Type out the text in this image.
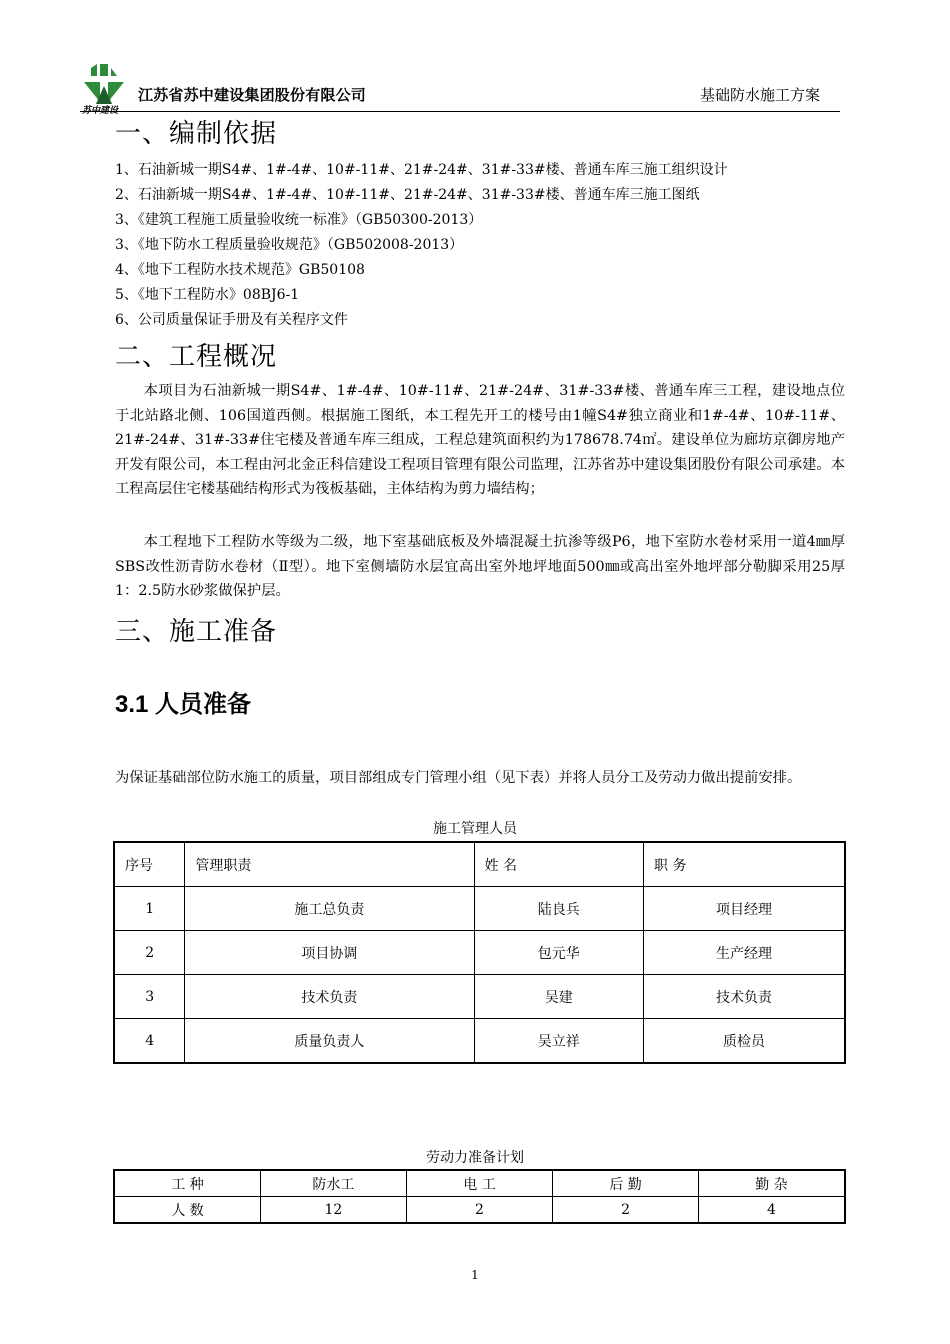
苏中建设
江苏省苏中建设集团股份有限公司	基础防水施工方案
一、编制依据
1、石油新城一期S4#、1#-4#、10#-11#、21#-24#、31#-33#楼、普通车库三施工组织设计
2、石油新城一期S4#、1#-4#、10#-11#、21#-24#、31#-33#楼、普通车库三施工图纸
3、《建筑工程施工质量验收统一标准》（GB50300-2013）
3、《地下防水工程质量验收规范》（GB502008-2013）
4、《地下工程防水技术规范》GB50108
5、《地下工程防水》08BJ6-1
6、公司质量保证手册及有关程序文件
二、工程概况
本项目为石油新城一期S4#、1#-4#、10#-11#、21#-24#、31#-33#楼、普通车库三工程，建设地点位于北站路北侧、106国道西侧。根据施工图纸，本工程先开工的楼号由1幢S4#独立商业和1#-4#、10#-11#、21#-24#、31#-33#住宅楼及普通车库三组成，工程总建筑面积约为178678.74㎡。建设单位为廊坊京御房地产开发有限公司，本工程由河北金正科信建设工程项目管理有限公司监理，江苏省苏中建设集团股份有限公司承建。本工程高层住宅楼基础结构形式为筏板基础，主体结构为剪力墙结构；
本工程地下工程防水等级为二级，地下室基础底板及外墙混凝土抗渗等级P6，地下室防水卷材采用一道4㎜厚SBS改性沥青防水卷材（Ⅱ型）。地下室侧墙防水层宜高出室外地坪地面500㎜或高出室外地坪部分勒脚采用25厚1：2.5防水砂浆做保护层。
三、施工准备
3.1 人员准备
为保证基础部位防水施工的质量，项目部组成专门管理小组（见下表）并将人员分工及劳动力做出提前安排。
施工管理人员
序号	管理职责	姓 名	职 务
1	施工总负责	陆良兵	项目经理
2	项目协调	包元华	生产经理
3	技术负责	吴建	技术负责
4	质量负责人	吴立祥	质检员
劳动力准备计划
工 种	防水工	电 工	后 勤	勤 杂
人 数	12	2	2	4
1
